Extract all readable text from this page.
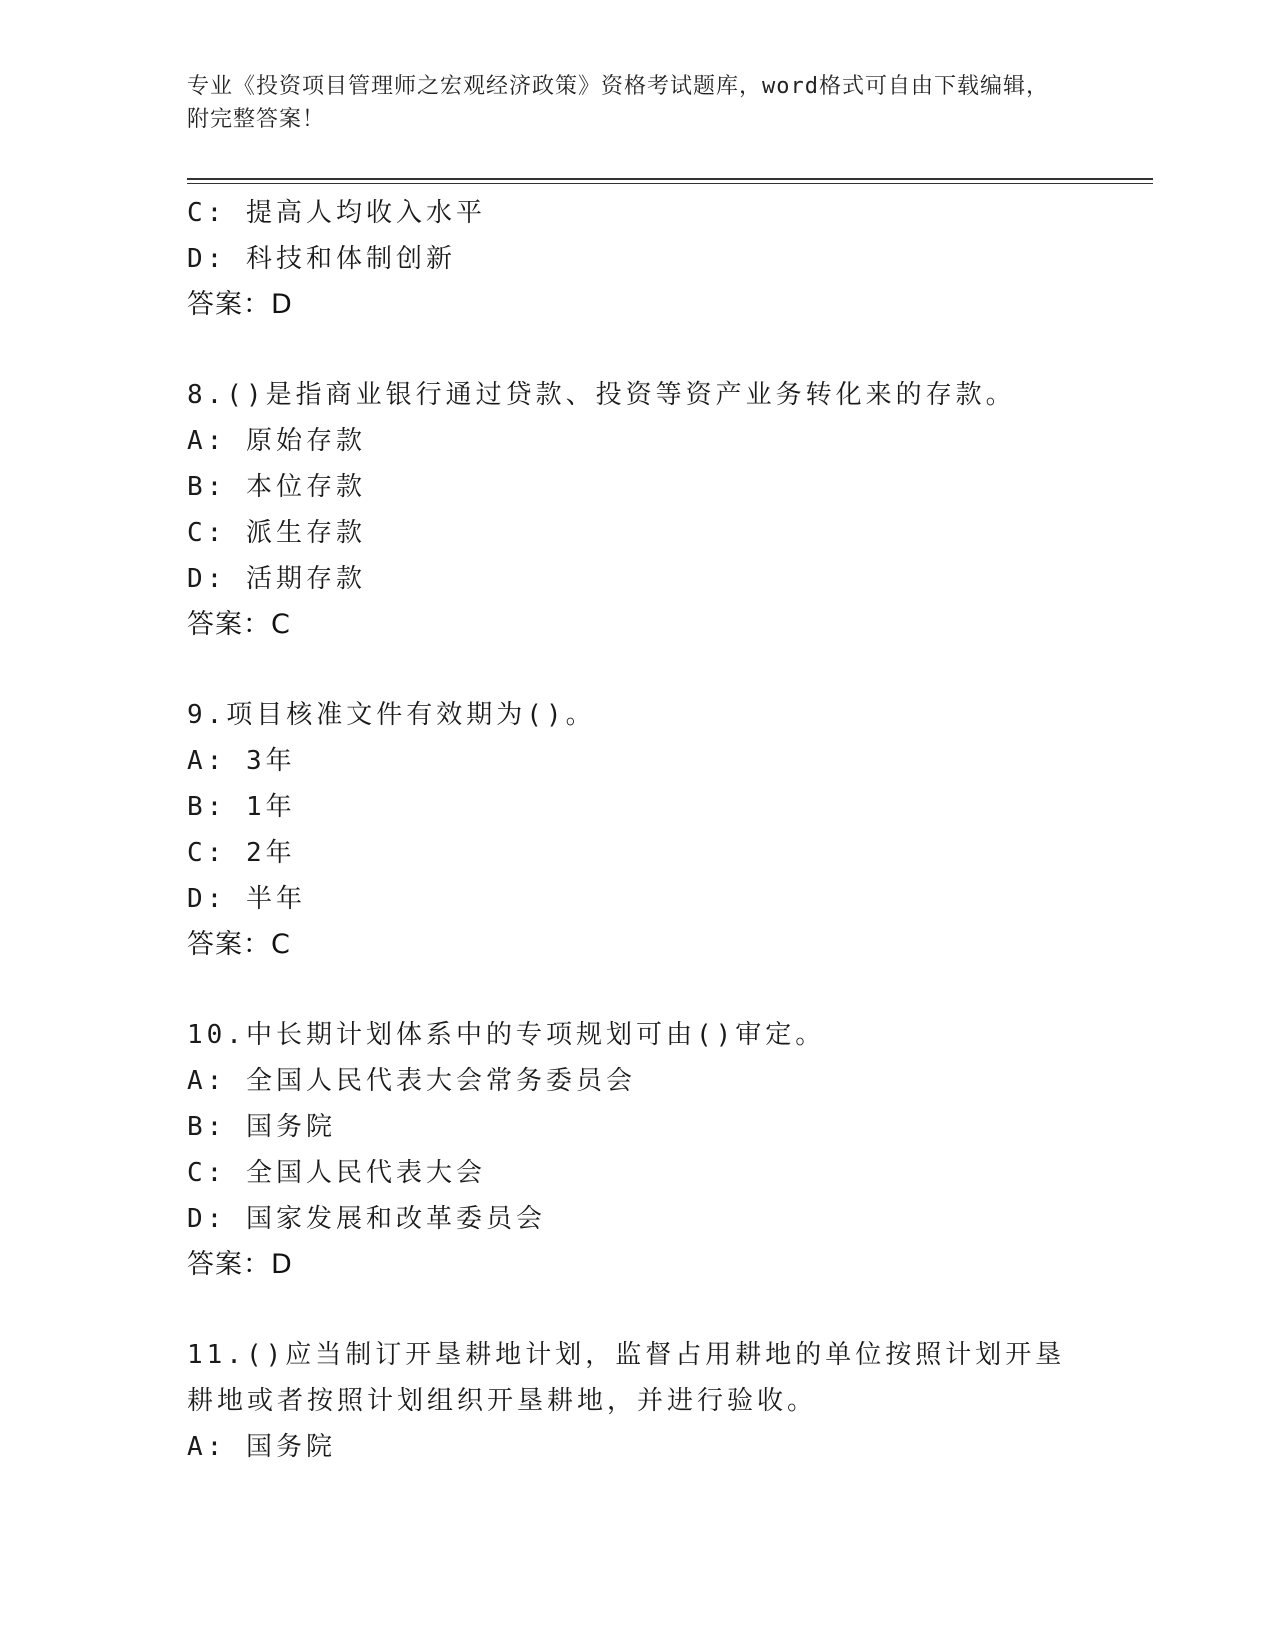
专业《投资项目管理师之宏观经济政策》资格考试题库，word格式可自由下载编辑，附完整答案！
C: 提高人均收入水平
D: 科技和体制创新
答案：D
8.()是指商业银行通过贷款、投资等资产业务转化来的存款。
A: 原始存款
B: 本位存款
C: 派生存款
D: 活期存款
答案：C
9.项目核准文件有效期为()。
A: 3年
B: 1年
C: 2年
D: 半年
答案：C
10.中长期计划体系中的专项规划可由()审定。
A: 全国人民代表大会常务委员会
B: 国务院
C: 全国人民代表大会
D: 国家发展和改革委员会
答案：D
11.()应当制订开垦耕地计划，监督占用耕地的单位按照计划开垦耕地或者按照计划组织开垦耕地，并进行验收。
A: 国务院
